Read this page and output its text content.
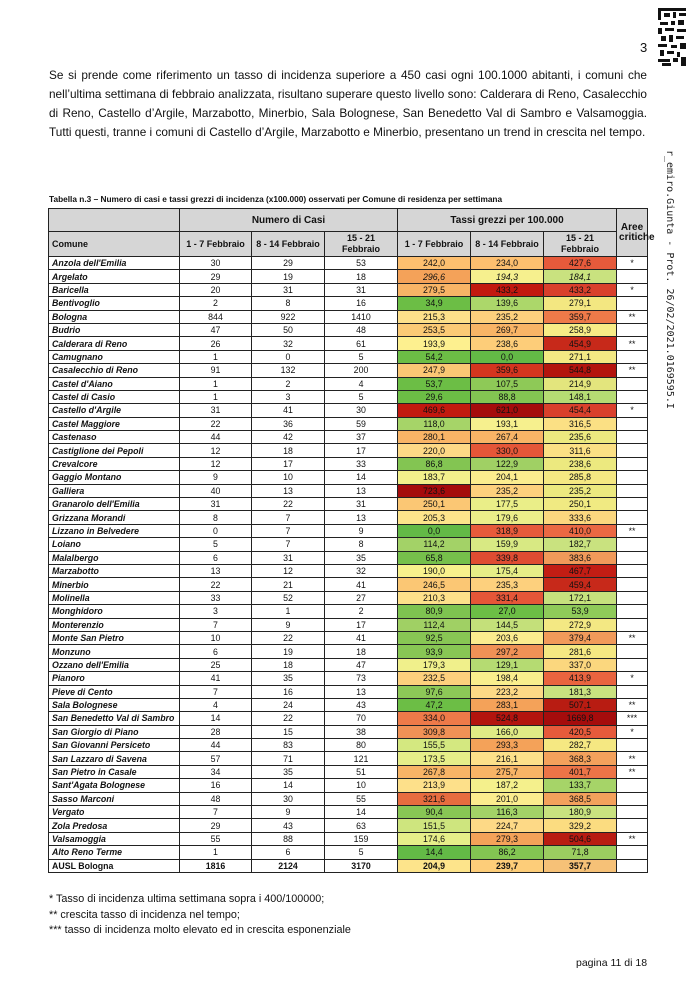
3
r_emiro.Giunta - Prot. 26/02/2021.0169595.I
Se si prende come riferimento un tasso di incidenza superiore a 450 casi ogni 100.1000 abitanti, i comuni che nell’ultima settimana di febbraio analizzata, risultano superare questo livello sono: Calderara di Reno, Casalecchio di Reno, Castello d’Argile, Marzabotto, Minerbio, Sala Bolognese, San Benedetto Val di Sambro e Valsamoggia. Tutti questi, tranne i comuni di Castello d’Argile, Marzabotto e Minerbio, presentano un trend in crescita nel tempo.
Tabella n.3 – Numero di casi e tassi grezzi di incidenza (x100.000) osservati per Comune di residenza per settimana
	Numero di Casi			Tassi grezzi per 100.000			Aree critiche
Comune	1 - 7 Febbraio	8 - 14 Febbraio	15 - 21 Febbraio	1 - 7 Febbraio	8 - 14 Febbraio	15 - 21 Febbraio	
Anzola dell'Emilia	30	29	53	242,0	234,0	427,6	*
Argelato	29	19	18	296,6	194,3	184,1	
Baricella	20	31	31	279,5	433,2	433,2	*
Bentivoglio	2	8	16	34,9	139,6	279,1	
Bologna	844	922	1410	215,3	235,2	359,7	**
Budrio	47	50	48	253,5	269,7	258,9	
Calderara di Reno	26	32	61	193,9	238,6	454,9	**
Camugnano	1	0	5	54,2	0,0	271,1	
Casalecchio di Reno	91	132	200	247,9	359,6	544,8	**
Castel d'Aiano	1	2	4	53,7	107,5	214,9	
Castel di Casio	1	3	5	29,6	88,8	148,1	
Castello d'Argile	31	41	30	469,6	621,0	454,4	*
Castel Maggiore	22	36	59	118,0	193,1	316,5	
Castenaso	44	42	37	280,1	267,4	235,6	
Castiglione dei Pepoli	12	18	17	220,0	330,0	311,6	
Crevalcore	12	17	33	86,8	122,9	238,6	
Gaggio Montano	9	10	14	183,7	204,1	285,8	
Galliera	40	13	13	723,6	235,2	235,2	
Granarolo dell'Emilia	31	22	31	250,1	177,5	250,1	
Grizzana Morandi	8	7	13	205,3	179,6	333,6	
Lizzano in Belvedere	0	7	9	0,0	318,9	410,0	**
Loiano	5	7	8	114,2	159,9	182,7	
Malalbergo	6	31	35	65,8	339,8	383,6	
Marzabotto	13	12	32	190,0	175,4	467,7	
Minerbio	22	21	41	246,5	235,3	459,4	
Molinella	33	52	27	210,3	331,4	172,1	
Monghidoro	3	1	2	80,9	27,0	53,9	
Monterenzio	7	9	17	112,4	144,5	272,9	
Monte San Pietro	10	22	41	92,5	203,6	379,4	**
Monzuno	6	19	18	93,9	297,2	281,6	
Ozzano dell'Emilia	25	18	47	179,3	129,1	337,0	
Pianoro	41	35	73	232,5	198,4	413,9	*
Pieve di Cento	7	16	13	97,6	223,2	181,3	
Sala Bolognese	4	24	43	47,2	283,1	507,1	**
San Benedetto Val di Sambro	14	22	70	334,0	524,8	1669,8	***
San Giorgio di Piano	28	15	38	309,8	166,0	420,5	*
San Giovanni Persiceto	44	83	80	155,5	293,3	282,7	
San Lazzaro di Savena	57	71	121	173,5	216,1	368,3	**
San Pietro in Casale	34	35	51	267,8	275,7	401,7	**
Sant'Agata Bolognese	16	14	10	213,9	187,2	133,7	
Sasso Marconi	48	30	55	321,6	201,0	368,5	
Vergato	7	9	14	90,4	116,3	180,9	
Zola Predosa	29	43	63	151,5	224,7	329,2	
Valsamoggia	55	88	159	174,6	279,3	504,6	**
Alto Reno Terme	1	6	5	14,4	86,2	71,8	
AUSL Bologna	1816	2124	3170	204,9	239,7	357,7	
* Tasso di incidenza ultima settimana sopra i 400/100000;
** crescita tasso di incidenza nel tempo;
*** tasso di incidenza molto elevato ed in crescita esponenziale
pagina 11 di 18
